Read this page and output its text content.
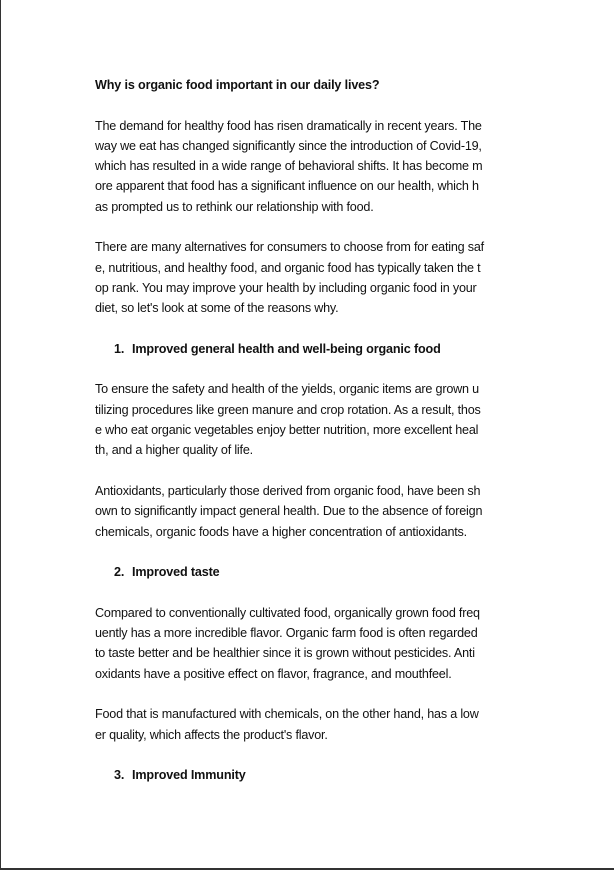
Why is organic food important in our daily lives?
The demand for healthy food has risen dramatically in recent years. The
way we eat has changed significantly since the introduction of Covid-19,
which has resulted in a wide range of behavioral shifts. It has become m
ore apparent that food has a significant influence on our health, which h
as prompted us to rethink our relationship with food.
There are many alternatives for consumers to choose from for eating saf
e, nutritious, and healthy food, and organic food has typically taken the t
op rank. You may improve your health by including organic food in your
diet, so let's look at some of the reasons why.
1. Improved general health and well-being organic food
To ensure the safety and health of the yields, organic items are grown u
tilizing procedures like green manure and crop rotation. As a result, thos
e who eat organic vegetables enjoy better nutrition, more excellent heal
th, and a higher quality of life.
Antioxidants, particularly those derived from organic food, have been sh
own to significantly impact general health. Due to the absence of foreign
chemicals, organic foods have a higher concentration of antioxidants.
2. Improved taste
Compared to conventionally cultivated food, organically grown food freq
uently has a more incredible flavor. Organic farm food is often regarded
to taste better and be healthier since it is grown without pesticides. Anti
oxidants have a positive effect on flavor, fragrance, and mouthfeel.
Food that is manufactured with chemicals, on the other hand, has a low
er quality, which affects the product's flavor.
3. Improved Immunity
